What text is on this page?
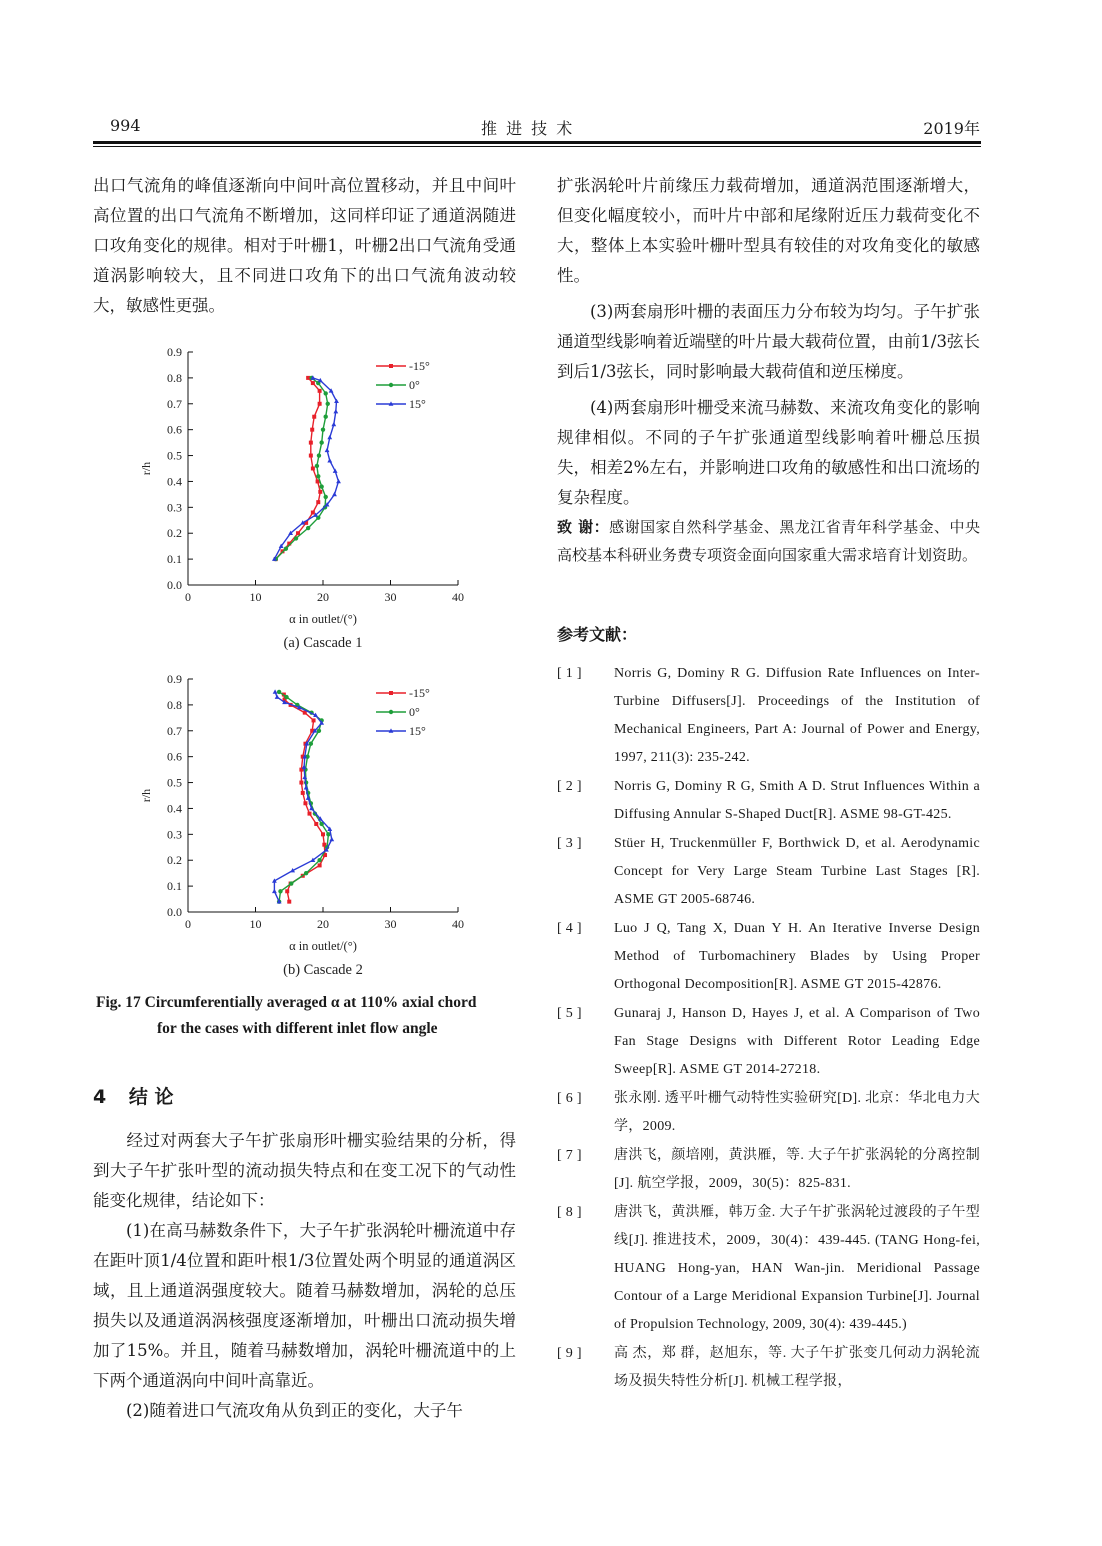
994	推 进 技 术	2019年
出口气流角的峰值逐渐向中间叶高位置移动，并且中间叶高位置的出口气流角不断增加，这同样印证了通道涡随进口攻角变化的规律。相对于叶栅1，叶栅2出口气流角受通道涡影响较大，且不同进口攻角下的出口气流角波动较大，敏感性更强。
0.0
0.1
0.2
0.3
0.4
0.5
0.6
0.7
0.8
0.9
0	10	20	30	40
r/h
α in outlet/(°)
(a) Cascade 1
-15°
0°
15°
0.0
0.1
0.2
0.3
0.4
0.5
0.6
0.7
0.8
0.9
0	10	20	30	40
r/h
α in outlet/(°)
(b) Cascade 2
-15°
0°
15°
Fig. 17 Circumferentially averaged α at 110% axial chord
for the cases with different inlet flow angle
4 结 论
经过对两套大子午扩张扇形叶栅实验结果的分析，得到大子午扩张叶型的流动损失特点和在变工况下的气动性能变化规律，结论如下：
(1)在高马赫数条件下，大子午扩张涡轮叶栅流道中存在距叶顶1/4位置和距叶根1/3位置处两个明显的通道涡区域，且上通道涡强度较大。随着马赫数增加，涡轮的总压损失以及通道涡涡核强度逐渐增加，叶栅出口流动损失增加了15%。并且，随着马赫数增加，涡轮叶栅流道中的上下两个通道涡向中间叶高靠近。
(2)随着进口气流攻角从负到正的变化，大子午
扩张涡轮叶片前缘压力载荷增加，通道涡范围逐渐增大，但变化幅度较小，而叶片中部和尾缘附近压力载荷变化不大，整体上本实验叶栅叶型具有较佳的对攻角变化的敏感性。
(3)两套扇形叶栅的表面压力分布较为均匀。子午扩张通道型线影响着近端壁的叶片最大载荷位置，由前1/3弦长到后1/3弦长，同时影响最大载荷值和逆压梯度。
(4)两套扇形叶栅受来流马赫数、来流攻角变化的影响规律相似。不同的子午扩张通道型线影响着叶栅总压损失，相差2%左右，并影响进口攻角的敏感性和出口流场的复杂程度。
致 谢：感谢国家自然科学基金、黑龙江省青年科学基金、中央高校基本科研业务费专项资金面向国家重大需求培育计划资助。
参考文献：
[ 1 ] Norris G, Dominy R G. Diffusion Rate Influences on Inter-Turbine Diffusers[J]. Proceedings of the Institution of Mechanical Engineers, Part A: Journal of Power and Energy, 1997, 211(3): 235-242.
[ 2 ] Norris G, Dominy R G, Smith A D. Strut Influences Within a Diffusing Annular S-Shaped Duct[R]. ASME 98-GT-425.
[ 3 ] Stüer H, Truckenmüller F, Borthwick D, et al. Aerodynamic Concept for Very Large Steam Turbine Last Stages [R]. ASME GT 2005-68746.
[ 4 ] Luo J Q, Tang X, Duan Y H. An Iterative Inverse Design Method of Turbomachinery Blades by Using Proper Orthogonal Decomposition[R]. ASME GT 2015-42876.
[ 5 ] Gunaraj J, Hanson D, Hayes J, et al. A Comparison of Two Fan Stage Designs with Different Rotor Leading Edge Sweep[R]. ASME GT 2014-27218.
[ 6 ] 张永刚. 透平叶栅气动特性实验研究[D]. 北京：华北电力大学，2009.
[ 7 ] 唐洪飞，颜培刚，黄洪雁，等. 大子午扩张涡轮的分离控制[J]. 航空学报，2009，30(5)：825-831.
[ 8 ] 唐洪飞，黄洪雁，韩万金. 大子午扩张涡轮过渡段的子午型线[J]. 推进技术，2009，30(4)：439-445. (TANG Hong-fei, HUANG Hong-yan, HAN Wan-jin. Meridional Passage Contour of a Large Meridional Expansion Turbine[J]. Journal of Propulsion Technology, 2009, 30(4): 439-445.)
[ 9 ] 高 杰，郑 群，赵旭东，等. 大子午扩张变几何动力涡轮流场及损失特性分析[J]. 机械工程学报，
